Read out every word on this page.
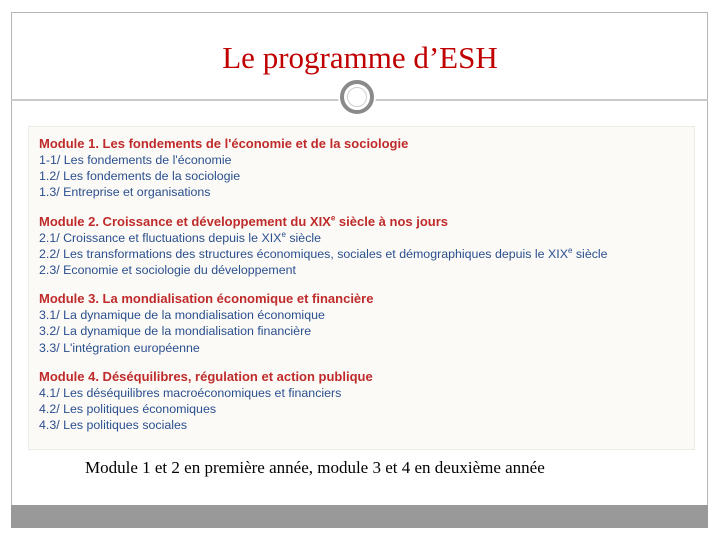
Le programme d’ESH
Module 1. Les fondements de l'économie et de la sociologie
1-1/ Les fondements de l'économie
1.2/ Les fondements de la sociologie
1.3/ Entreprise et organisations
Module 2. Croissance et développement du XIXe siècle à nos jours
2.1/ Croissance et fluctuations depuis le XIXe siècle
2.2/ Les transformations des structures économiques, sociales et démographiques depuis le XIXe siècle
2.3/ Economie et sociologie du développement
Module 3. La mondialisation économique et financière
3.1/ La dynamique de la mondialisation économique
3.2/ La dynamique de la mondialisation financière
3.3/ L'intégration européenne
Module 4. Déséquilibres, régulation et action publique
4.1/ Les déséquilibres macroéconomiques et financiers
4.2/ Les politiques économiques
4.3/ Les politiques sociales
Module 1 et 2 en première année, module 3 et 4 en deuxième année
